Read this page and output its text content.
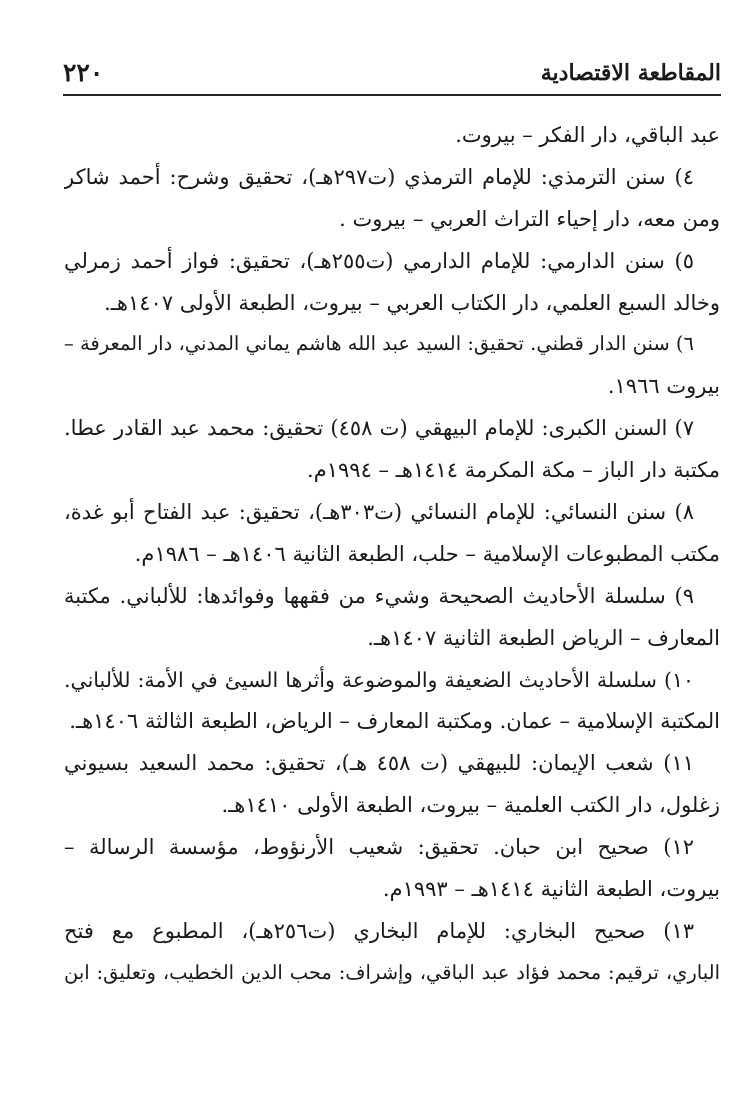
المقاطعة الاقتصادية
٢٢٠
عبد الباقي، دار الفكر – بيروت.
٤) سنن الترمذي: للإمام الترمذي (ت٢٩٧هـ)، تحقيق وشرح: أحمد شاكر
ومن معه، دار إحياء التراث العربي – بيروت .
٥) سنن الدارمي: للإمام الدارمي (ت٢٥٥هـ)، تحقيق: فواز أحمد زمرلي
وخالد السبع العلمي، دار الكتاب العربي – بيروت، الطبعة الأولى ١٤٠٧هـ.
٦) سنن الدار قطني. تحقيق: السيد عبد الله هاشم يماني المدني، دار المعرفة –
بيروت ١٩٦٦.
٧) السنن الكبرى: للإمام البيهقي (ت ٤٥٨) تحقيق: محمد عبد القادر عطا.
مكتبة دار الباز – مكة المكرمة ١٤١٤هـ – ١٩٩٤م.
٨) سنن النسائي: للإمام النسائي (ت٣٠٣هـ)، تحقيق: عبد الفتاح أبو غدة،
مكتب المطبوعات الإسلامية – حلب، الطبعة الثانية ١٤٠٦هـ – ١٩٨٦م.
٩) سلسلة الأحاديث الصحيحة وشيء من فقهها وفوائدها: للألباني. مكتبة
المعارف – الرياض الطبعة الثانية ١٤٠٧هـ.
١٠) سلسلة الأحاديث الضعيفة والموضوعة وأثرها السيئ في الأمة: للألباني.
المكتبة الإسلامية – عمان. ومكتبة المعارف – الرياض، الطبعة الثالثة ١٤٠٦هـ.
١١) شعب الإيمان: للبيهقي (ت ٤٥٨ هـ)، تحقيق: محمد السعيد بسيوني
زغلول، دار الكتب العلمية – بيروت، الطبعة الأولى ١٤١٠هـ.
١٢) صحيح ابن حبان. تحقيق: شعيب الأرنؤوط، مؤسسة الرسالة –
بيروت، الطبعة الثانية ١٤١٤هـ – ١٩٩٣م.
١٣) صحيح البخاري: للإمام البخاري (ت٢٥٦هـ)، المطبوع مع فتح
الباري، ترقيم: محمد فؤاد عبد الباقي، وإشراف: محب الدين الخطيب، وتعليق: ابن
